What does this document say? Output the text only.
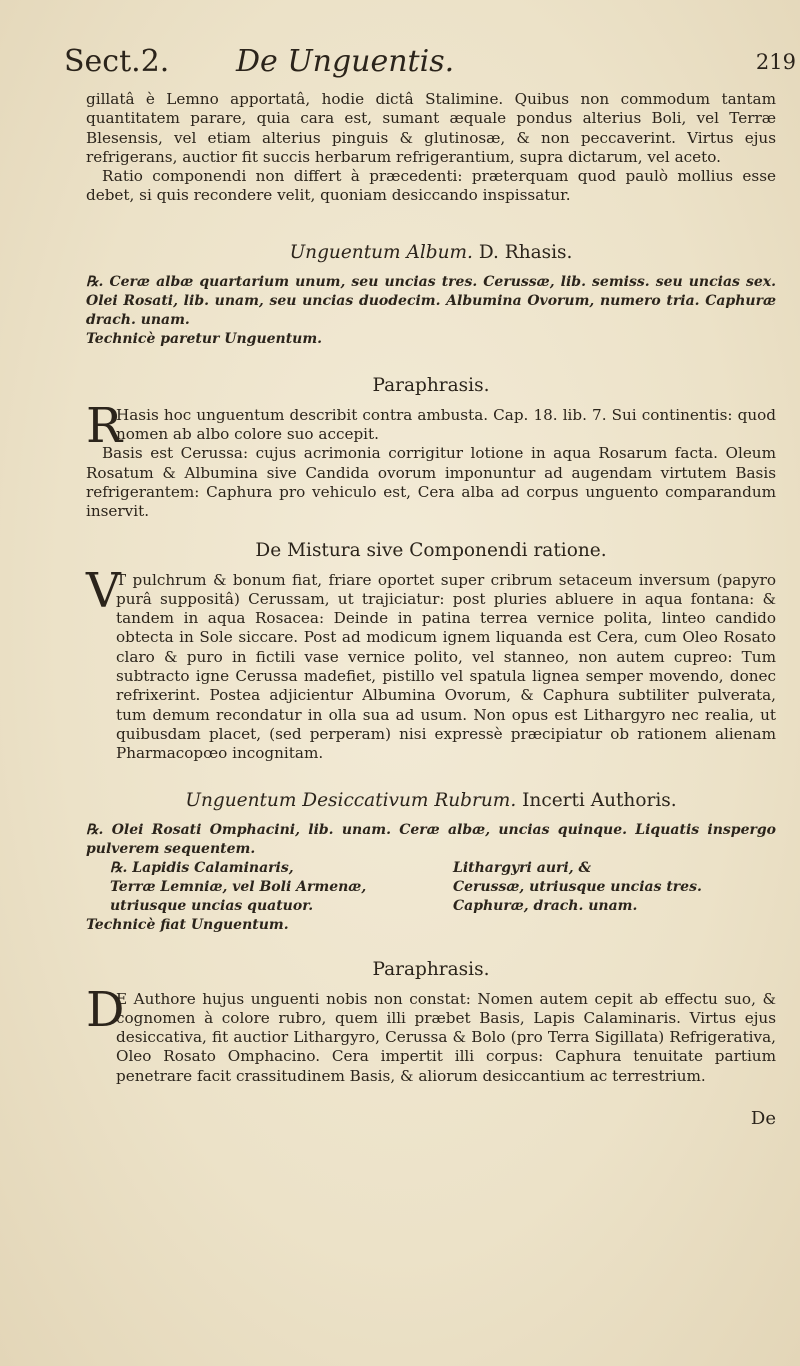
Sect.2. De Unguentis.	219

gillatâ è Lemno apportatâ, hodie dictâ Stalimine. Quibus non commodum tantam quantitatem parare, quia cara est, sumant æquale pondus alterius Boli, vel Terræ Blesensis, vel etiam alterius pinguis & glutinosæ, & non peccaverint. Virtus ejus refrigerans, auctior fit succis herbarum refrigerantium, supra dictarum, vel aceto.

Ratio componendi non differt à præcedenti: præterquam quod paulò mollius esse debet, si quis recondere velit, quoniam desiccando inspissatur.

Unguentum Album. D. Rhasis.

℞. Ceræ albæ quartarium unum, seu uncias tres. Cerussæ, lib. semiss. seu uncias sex. Olei Rosati, lib. unam, seu uncias duodecim. Albumina Ovorum, numero tria. Caphuræ drach. unam.

Technicè paretur Unguentum.

Paraphrasis.
R

Hasis hoc unguentum describit contra ambusta. Cap. 18. lib. 7. Sui continentis: quod nomen ab albo colore suo accepit.

Basis est Cerussa: cujus acrimonia corrigitur lotione in aqua Rosarum facta. Oleum Rosatum & Albumina sive Candida ovorum imponuntur ad augendam virtutem Basis refrigerantem: Caphura pro vehiculo est, Cera alba ad corpus unguento comparandum inservit.

De Mistura sive Componendi ratione.
V

T pulchrum & bonum fiat, friare oportet super cribrum setaceum inversum (papyro purâ suppositâ) Cerussam, ut trajiciatur: post pluries abluere in aqua fontana: & tandem in aqua Rosacea: Deinde in patina terrea vernice polita, linteo candido obtecta in Sole siccare. Post ad modicum ignem liquanda est Cera, cum Oleo Rosato claro & puro in fictili vase vernice polito, vel stanneo, non autem cupreo: Tum subtracto igne Cerussa madefiet, pistillo vel spatula lignea semper movendo, donec refrixerint. Postea adjicientur Albumina Ovorum, & Caphura subtiliter pulverata, tum demum recondatur in olla sua ad usum. Non opus est Lithargyro nec realia, ut quibusdam placet, (sed perperam) nisi expressè præcipiatur ob rationem alienam Pharmacopœo incognitam.

Unguentum Desiccativum Rubrum. Incerti Authoris.

℞. Olei Rosati Omphacini, lib. unam. Ceræ albæ, uncias quinque. Liquatis inspergo pulverem sequentem.

℞. Lapidis Calaminaris,

Terræ Lemniæ, vel Boli Armenæ,

utriusque uncias quatuor.

Lithargyri auri, &

Cerussæ, utriusque uncias tres.

Caphuræ, drach. unam.

Technicè fiat Unguentum.

Paraphrasis.
D

E Authore hujus unguenti nobis non constat: Nomen autem cepit ab effectu suo, & cognomen à colore rubro, quem illi præbet Basis, Lapis Calaminaris. Virtus ejus desiccativa, fit auctior Lithargyro, Cerussa & Bolo (pro Terra Sigillata) Refrigerativa, Oleo Rosato Omphacino. Cera impertit illi corpus: Caphura tenuitate partium penetrare facit crassitudinem Basis, & aliorum desiccantium ac terrestrium.

De
